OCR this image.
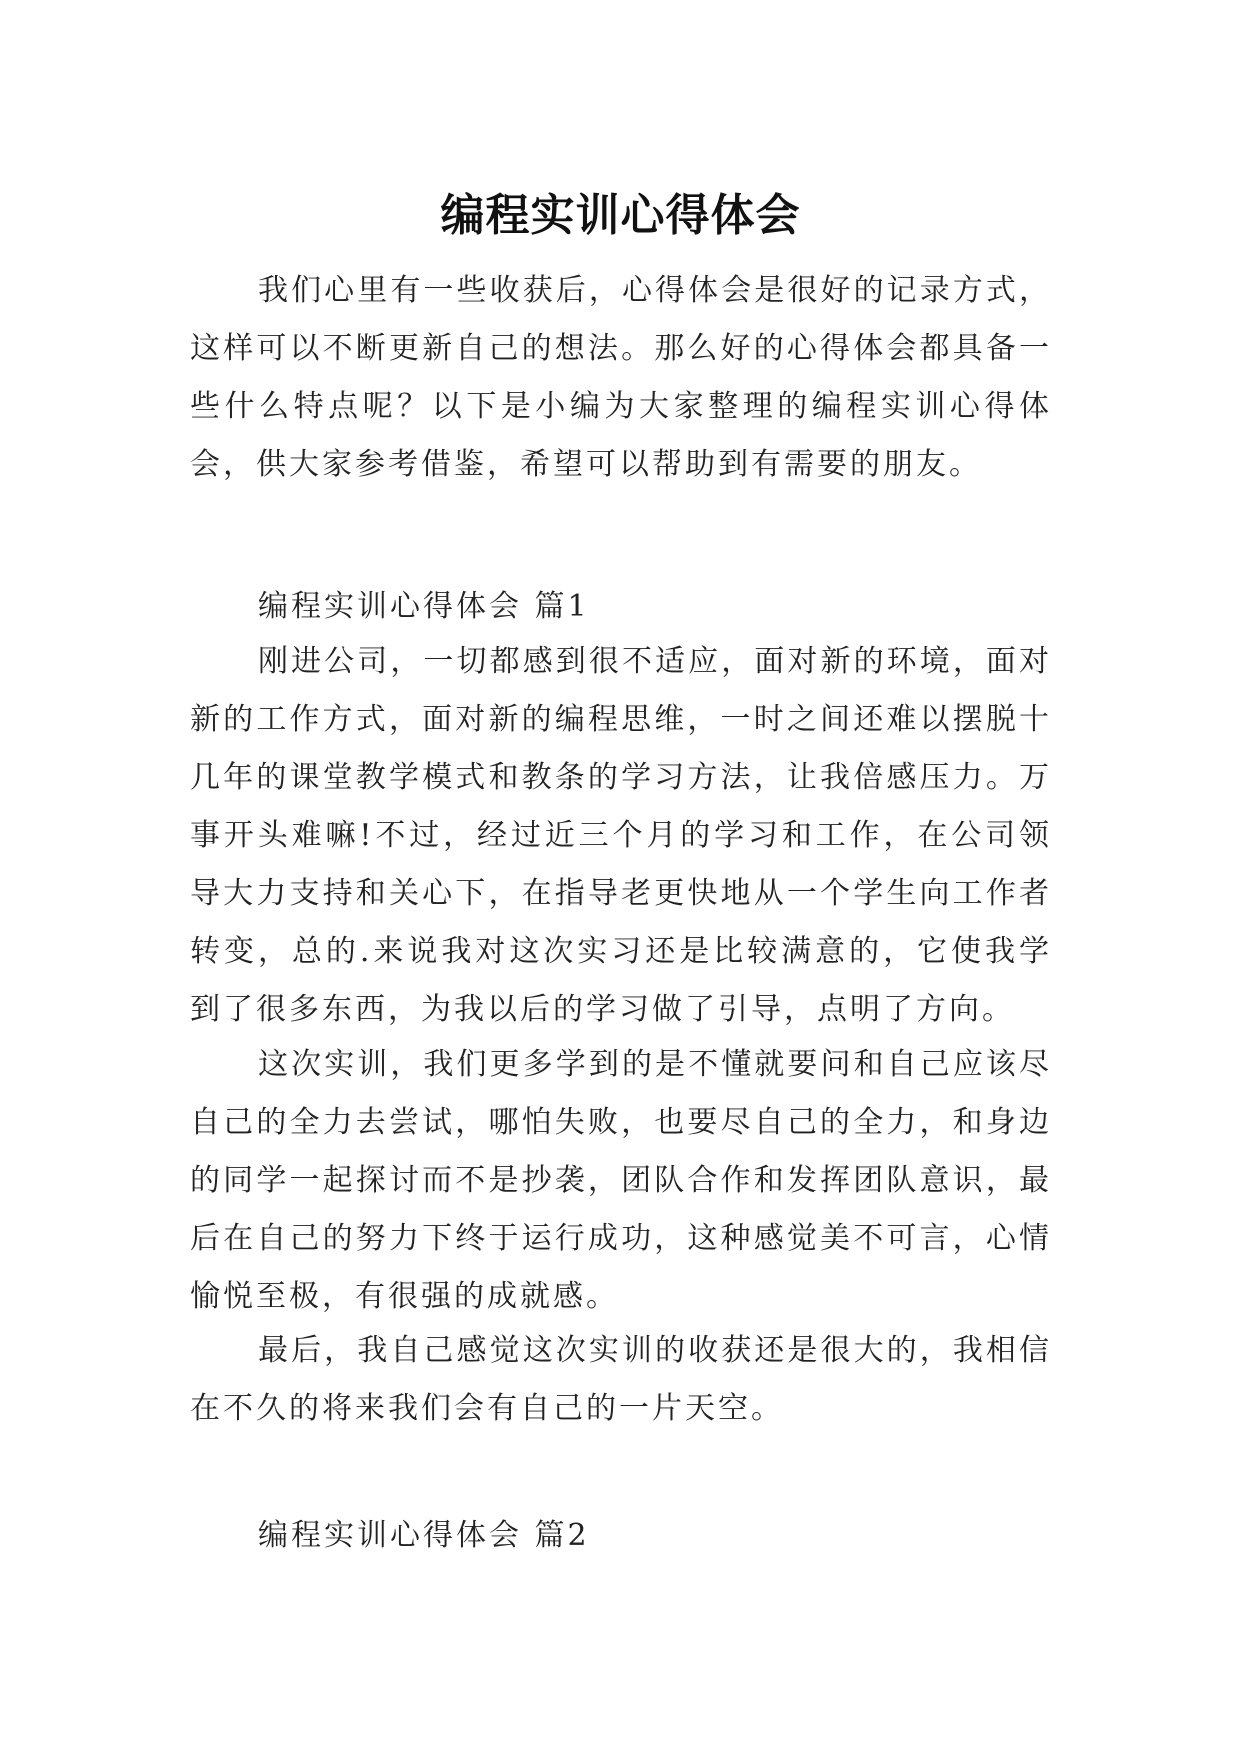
编程实训心得体会

我们心里有一些收获后，心得体会是很好的记录方式，这样可以不断更新自己的想法。那么好的心得体会都具备一些什么特点呢？以下是小编为大家整理的编程实训心得体会，供大家参考借鉴，希望可以帮助到有需要的朋友。

编程实训心得体会 篇1

刚进公司，一切都感到很不适应，面对新的环境，面对新的工作方式，面对新的编程思维，一时之间还难以摆脱十几年的课堂教学模式和教条的学习方法，让我倍感压力。万事开头难嘛!不过，经过近三个月的学习和工作，在公司领导大力支持和关心下，在指导老更快地从一个学生向工作者转变，总的.来说我对这次实习还是比较满意的，它使我学到了很多东西，为我以后的学习做了引导，点明了方向。

这次实训，我们更多学到的是不懂就要问和自己应该尽自己的全力去尝试，哪怕失败，也要尽自己的全力，和身边的同学一起探讨而不是抄袭，团队合作和发挥团队意识，最后在自己的努力下终于运行成功，这种感觉美不可言，心情愉悦至极，有很强的成就感。

最后，我自己感觉这次实训的收获还是很大的，我相信在不久的将来我们会有自己的一片天空。

编程实训心得体会 篇2
